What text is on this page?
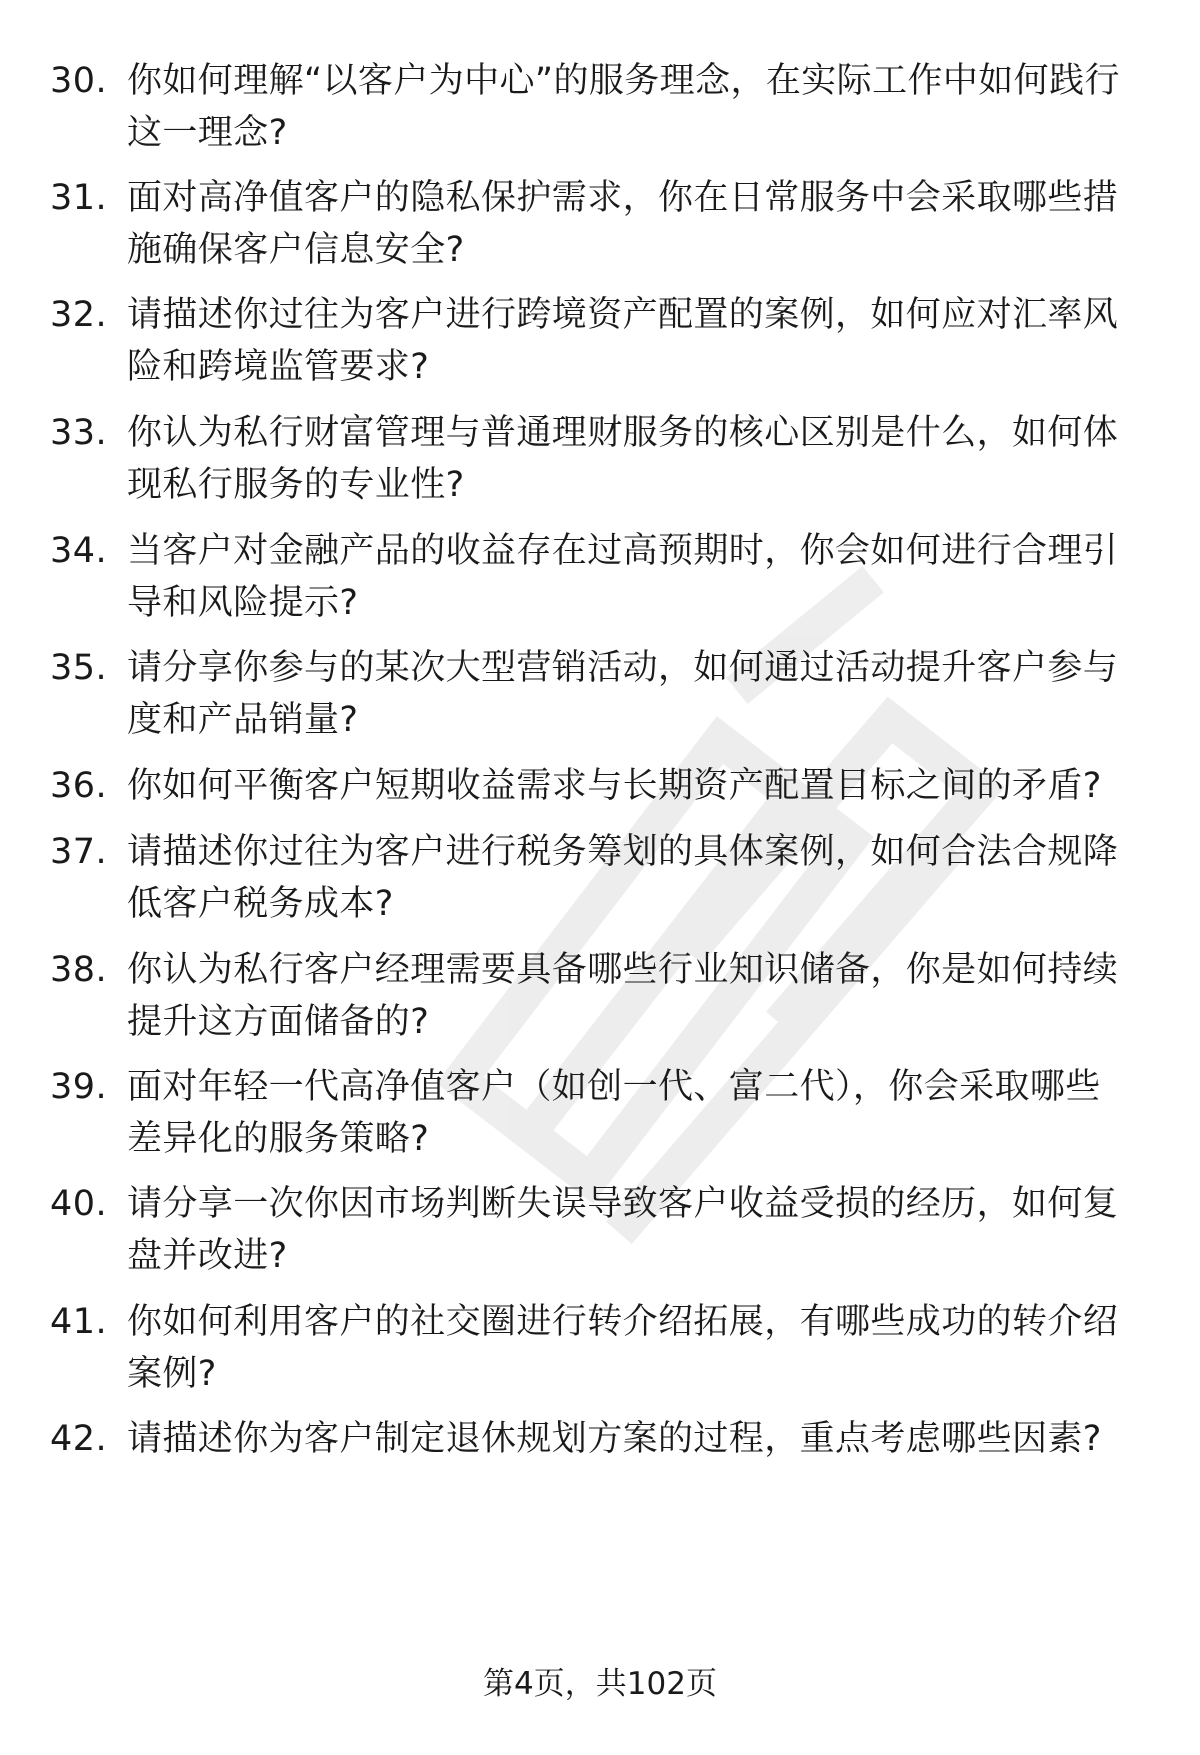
30. 你如何理解“以客户为中心”的服务理念，在实际工作中如何践行这一理念?
31. 面对高净值客户的隐私保护需求，你在日常服务中会采取哪些措施确保客户信息安全?
32. 请描述你过往为客户进行跨境资产配置的案例，如何应对汇率风险和跨境监管要求?
33. 你认为私行财富管理与普通理财服务的核心区别是什么，如何体现私行服务的专业性?
34. 当客户对金融产品的收益存在过高预期时，你会如何进行合理引导和风险提示?
35. 请分享你参与的某次大型营销活动，如何通过活动提升客户参与度和产品销量?
36. 你如何平衡客户短期收益需求与长期资产配置目标之间的矛盾?
37. 请描述你过往为客户进行税务筹划的具体案例，如何合法合规降低客户税务成本?
38. 你认为私行客户经理需要具备哪些行业知识储备，你是如何持续提升这方面储备的?
39. 面对年轻一代高净值客户（如创一代、富二代），你会采取哪些差异化的服务策略?
40. 请分享一次你因市场判断失误导致客户收益受损的经历，如何复盘并改进?
41. 你如何利用客户的社交圈进行转介绍拓展，有哪些成功的转介绍案例?
42. 请描述你为客户制定退休规划方案的过程，重点考虑哪些因素?
第4页，共102页
